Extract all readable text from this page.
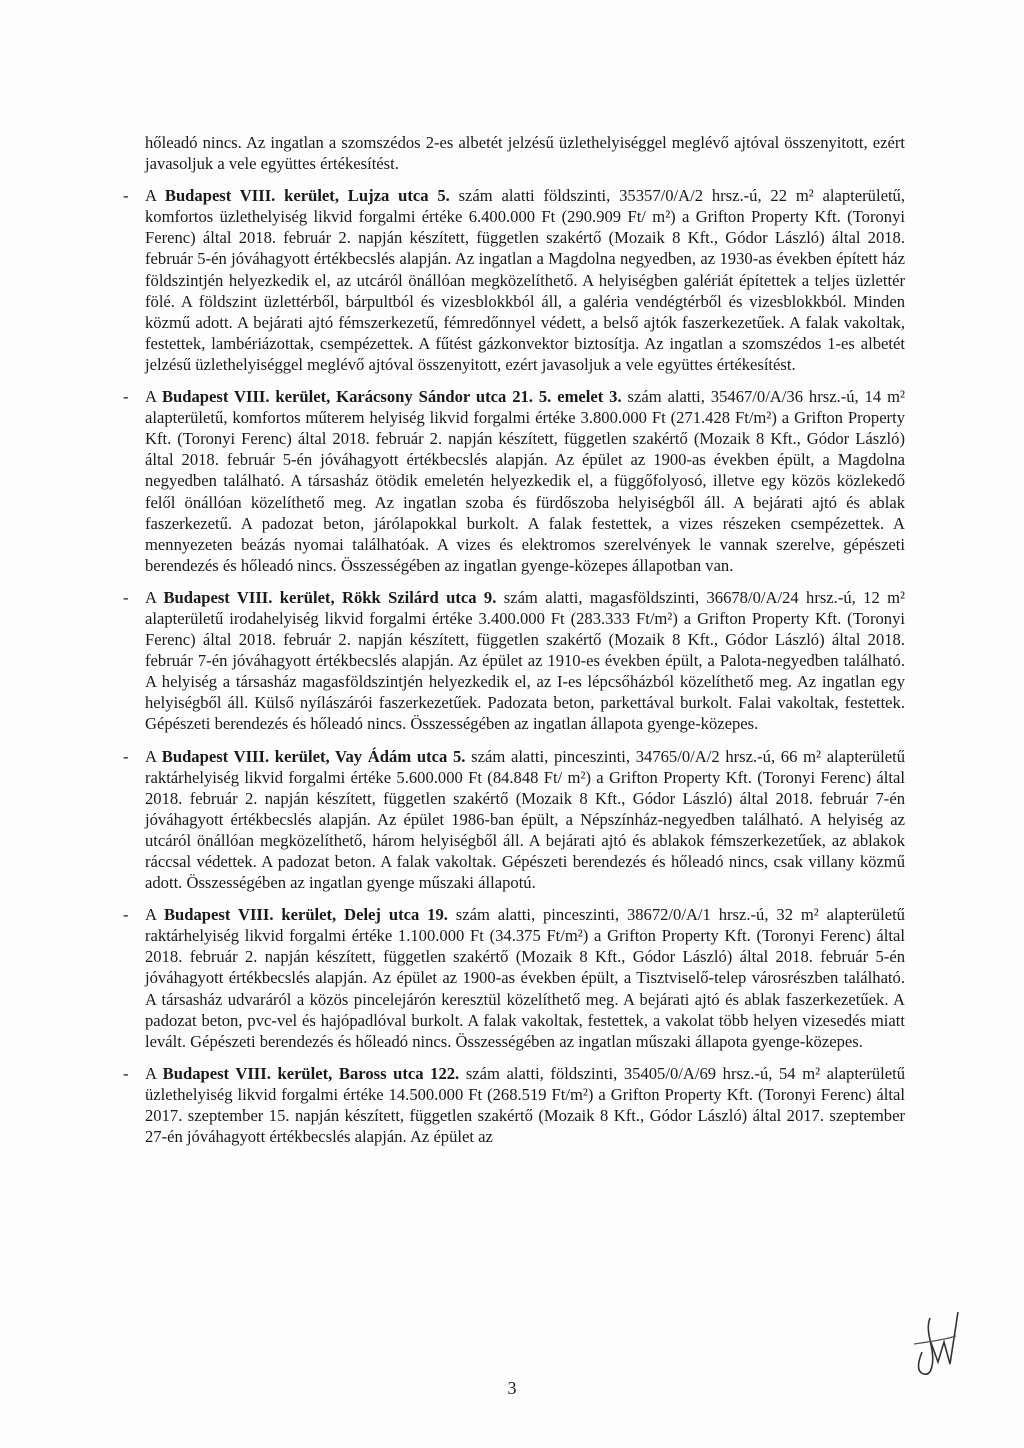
hőleadó nincs. Az ingatlan a szomszédos 2-es albetét jelzésű üzlethelyiséggel meglévő ajtóval összenyitott, ezért javasoljuk a vele együttes értékesítést.

- A Budapest VIII. kerület, Lujza utca 5. szám alatti földszinti, 35357/0/A/2 hrsz.-ú, 22 m² alapterületű, komfortos üzlethelyiség likvid forgalmi értéke 6.400.000 Ft (290.909 Ft/ m²) a Grifton Property Kft. (Toronyi Ferenc) által 2018. február 2. napján készített, független szakértő (Mozaik 8 Kft., Gódor László) által 2018. február 5-én jóváhagyott értékbecslés alapján. Az ingatlan a Magdolna negyedben, az 1930-as években épített ház földszintjén helyezkedik el, az utcáról önállóan megközelíthető. A helyiségben galériát építettek a teljes üzlettér fölé. A földszint üzlettérből, bárpultból és vizesblokkból áll, a galéria vendégtérből és vizesblokkból. Minden közmű adott. A bejárati ajtó fémszerkezetű, fémredőnnyel védett, a belső ajtók faszerkezetűek. A falak vakoltak, festettek, lambériázottak, csempézettek. A fűtést gázkonvektor biztosítja. Az ingatlan a szomszédos 1-es albetét jelzésű üzlethelyiséggel meglévő ajtóval összenyitott, ezért javasoljuk a vele együttes értékesítést.

- A Budapest VIII. kerület, Karácsony Sándor utca 21. 5. emelet 3. szám alatti, 35467/0/A/36 hrsz.-ú, 14 m² alapterületű, komfortos műterem helyiség likvid forgalmi értéke 3.800.000 Ft (271.428 Ft/m²) a Grifton Property Kft. (Toronyi Ferenc) által 2018. február 2. napján készített, független szakértő (Mozaik 8 Kft., Gódor László) által 2018. február 5-én jóváhagyott értékbecslés alapján. Az épület az 1900-as években épült, a Magdolna negyedben található. A társasház ötödik emeletén helyezkedik el, a függőfolyosó, illetve egy közös közlekedő felől önállóan közelíthető meg. Az ingatlan szoba és fürdőszoba helyiségből áll. A bejárati ajtó és ablak faszerkezetű. A padozat beton, járólapokkal burkolt. A falak festettek, a vizes részeken csempézettek. A mennyezeten beázás nyomai találhatóak. A vizes és elektromos szerelvények le vannak szerelve, gépészeti berendezés és hőleadó nincs. Összességében az ingatlan gyenge-közepes állapotban van.

- A Budapest VIII. kerület, Rökk Szilárd utca 9. szám alatti, magasföldszinti, 36678/0/A/24 hrsz.-ú, 12 m² alapterületű irodahelyiség likvid forgalmi értéke 3.400.000 Ft (283.333 Ft/m²) a Grifton Property Kft. (Toronyi Ferenc) által 2018. február 2. napján készített, független szakértő (Mozaik 8 Kft., Gódor László) által 2018. február 7-én jóváhagyott értékbecslés alapján. Az épület az 1910-es években épült, a Palota-negyedben található. A helyiség a társasház magasföldszintjén helyezkedik el, az I-es lépcsőházból közelíthető meg. Az ingatlan egy helyiségből áll. Külső nyílászárói faszerkezetűek. Padozata beton, parkettával burkolt. Falai vakoltak, festettek. Gépészeti berendezés és hőleadó nincs. Összességében az ingatlan állapota gyenge-közepes.

- A Budapest VIII. kerület, Vay Ádám utca 5. szám alatti, pinceszinti, 34765/0/A/2 hrsz.-ú, 66 m² alapterületű raktárhelyiség likvid forgalmi értéke 5.600.000 Ft (84.848 Ft/ m²) a Grifton Property Kft. (Toronyi Ferenc) által 2018. február 2. napján készített, független szakértő (Mozaik 8 Kft., Gódor László) által 2018. február 7-én jóváhagyott értékbecslés alapján. Az épület 1986-ban épült, a Népszínház-negyedben található. A helyiség az utcáról önállóan megközelíthető, három helyiségből áll. A bejárati ajtó és ablakok fémszerkezetűek, az ablakok ráccsal védettek. A padozat beton. A falak vakoltak. Gépészeti berendezés és hőleadó nincs, csak villany közmű adott. Összességében az ingatlan gyenge műszaki állapotú.

- A Budapest VIII. kerület, Delej utca 19. szám alatti, pinceszinti, 38672/0/A/1 hrsz.-ú, 32 m² alapterületű raktárhelyiség likvid forgalmi értéke 1.100.000 Ft (34.375 Ft/m²) a Grifton Property Kft. (Toronyi Ferenc) által 2018. február 2. napján készített, független szakértő (Mozaik 8 Kft., Gódor László) által 2018. február 5-én jóváhagyott értékbecslés alapján. Az épület az 1900-as években épült, a Tisztviselő-telep városrészben található. A társasház udvaráról a közös pincelejárón keresztül közelíthető meg. A bejárati ajtó és ablak faszerkezetűek. A padozat beton, pvc-vel és hajópadlóval burkolt. A falak vakoltak, festettek, a vakolat több helyen vizesedés miatt levált. Gépészeti berendezés és hőleadó nincs. Összességében az ingatlan műszaki állapota gyenge-közepes.

- A Budapest VIII. kerület, Baross utca 122. szám alatti, földszinti, 35405/0/A/69 hrsz.-ú, 54 m² alapterületű üzlethelyiség likvid forgalmi értéke 14.500.000 Ft (268.519 Ft/m²) a Grifton Property Kft. (Toronyi Ferenc) által 2017. szeptember 15. napján készített, független szakértő (Mozaik 8 Kft., Gódor László) által 2017. szeptember 27-én jóváhagyott értékbecslés alapján. Az épület az

3
